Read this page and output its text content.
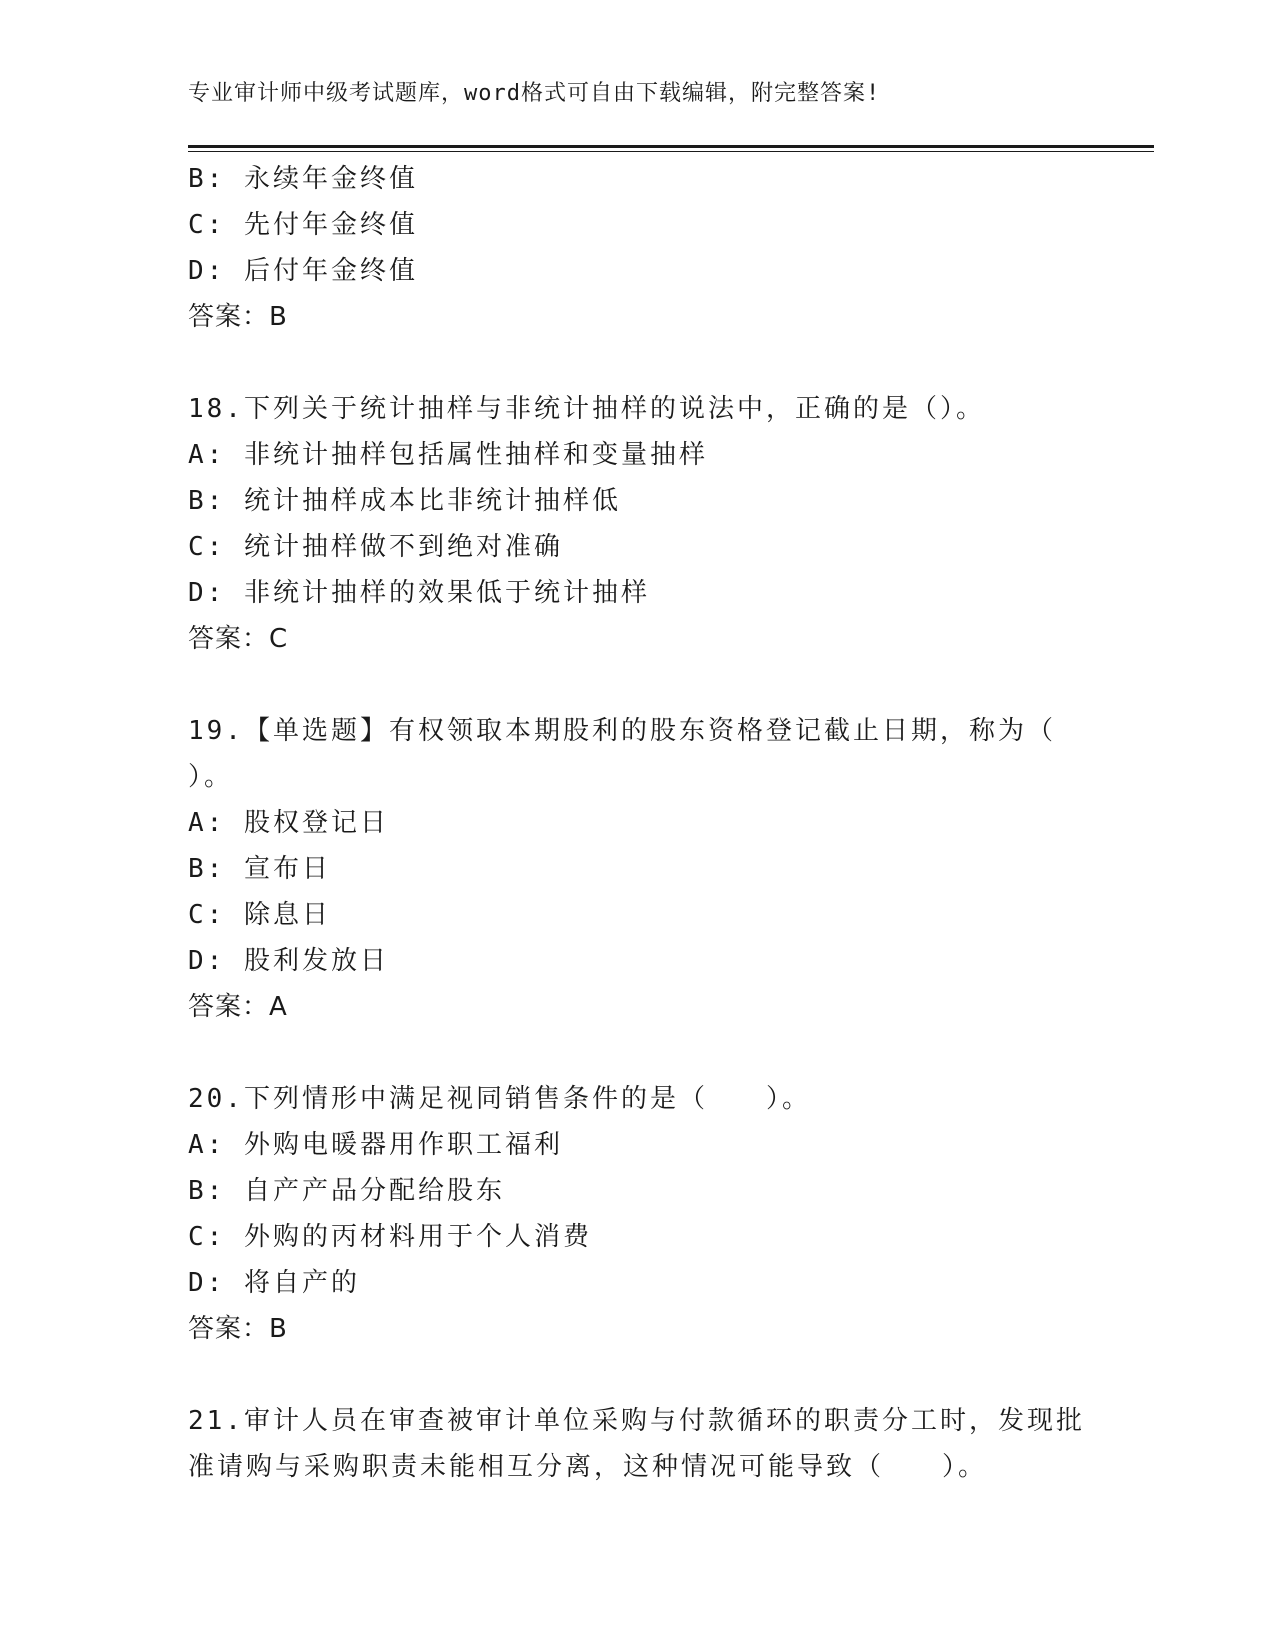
专业审计师中级考试题库，word格式可自由下载编辑，附完整答案!
B: 永续年金终值
C: 先付年金终值
D: 后付年金终值
答案：B
18.下列关于统计抽样与非统计抽样的说法中，正确的是（）。
A: 非统计抽样包括属性抽样和变量抽样
B: 统计抽样成本比非统计抽样低
C: 统计抽样做不到绝对准确
D: 非统计抽样的效果低于统计抽样
答案：C
19.【单选题】有权领取本期股利的股东资格登记截止日期，称为（
）。
A: 股权登记日
B: 宣布日
C: 除息日
D: 股利发放日
答案：A
20.下列情形中满足视同销售条件的是（　　）。
A: 外购电暖器用作职工福利
B: 自产产品分配给股东
C: 外购的丙材料用于个人消费
D: 将自产的
答案：B
21.审计人员在审查被审计单位采购与付款循环的职责分工时，发现批
准请购与采购职责未能相互分离，这种情况可能导致（　　）。
